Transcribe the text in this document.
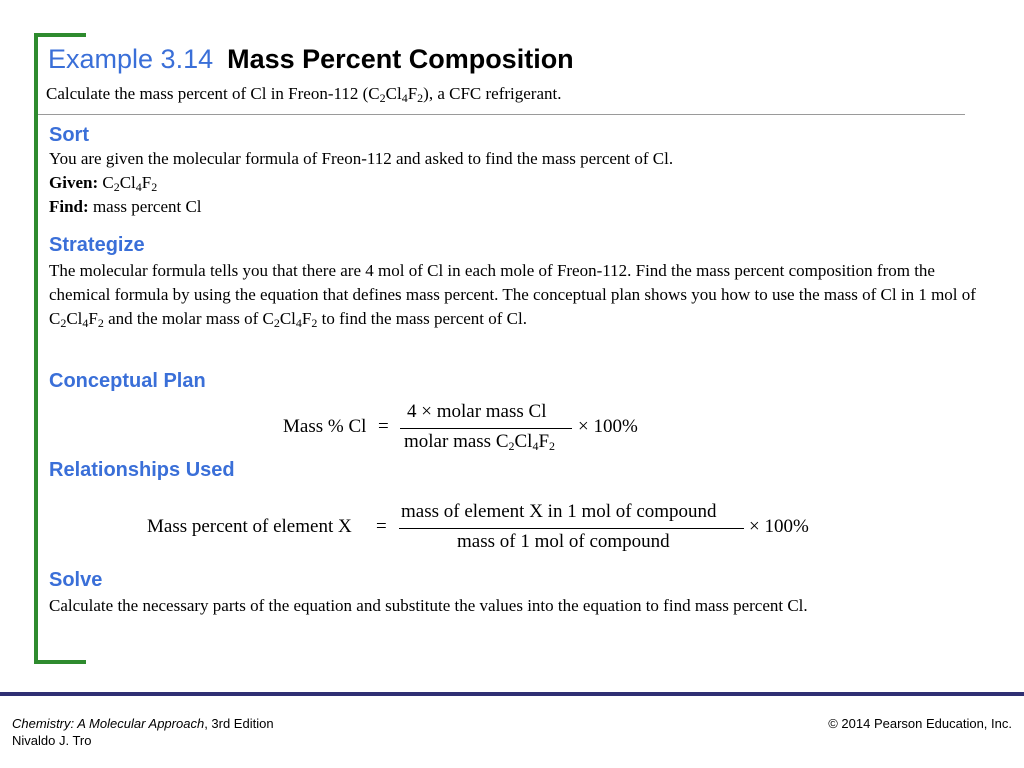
Example 3.14 Mass Percent Composition
Calculate the mass percent of Cl in Freon-112 $(C_2Cl_4F_2)$, a CFC refrigerant.
Sort
You are given the molecular formula of Freon-112 and asked to find the mass percent of Cl.
Given: $C_2Cl_4F_2$
Find: mass percent Cl
Strategize
The molecular formula tells you that there are 4 mol of Cl in each mole of Freon-112. Find the mass percent composition from the chemical formula by using the equation that defines mass percent. The conceptual plan shows you how to use the mass of Cl in 1 mol of $C_2Cl_4F_2$ and the molar mass of $C_2Cl_4F_2$ to find the mass percent of Cl.
Conceptual Plan
Mass % Cl =
4 × molar mass Cl
molar mass $C_2Cl_4F_2$
× 100%
Relationships Used
Mass percent of element X =
mass of element X in 1 mol of compound
mass of 1 mol of compound
× 100%
Solve
Calculate the necessary parts of the equation and substitute the values into the equation to find mass percent Cl.
Chemistry: A Molecular Approach, 3rd Edition
Nivaldo J. Tro
© 2014 Pearson Education, Inc.
